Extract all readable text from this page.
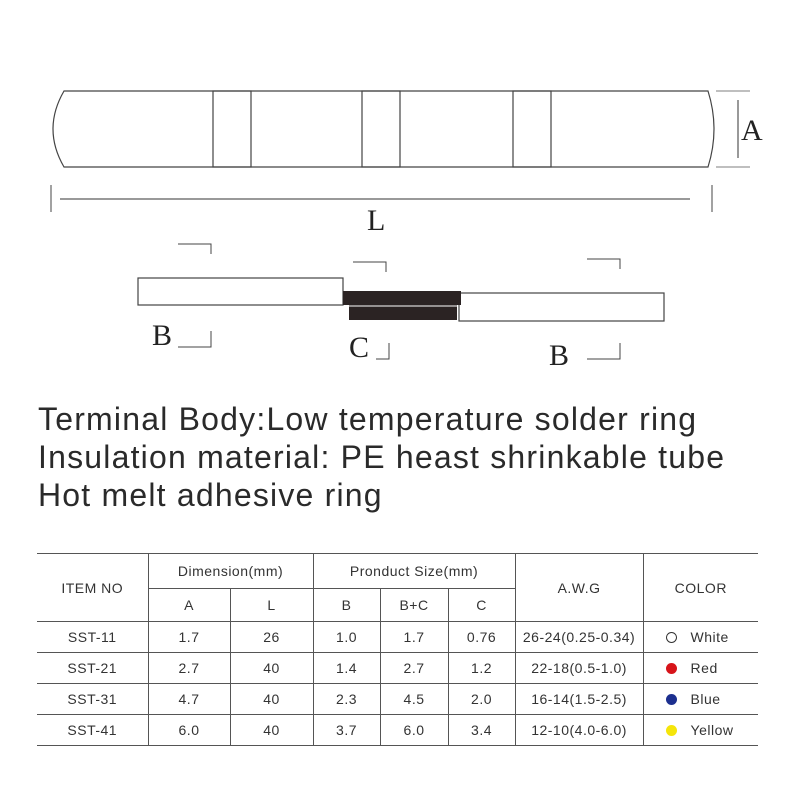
A
L
B	C	B
Terminal Body:Low temperature solder ring
Insulation material: PE heast shrinkable tube
Hot melt adhesive ring
ITEM NO	Dimension(mm)		Pronduct Size(mm)			A.W.G	COLOR
	A	L	B	B+C	C		
SST-11	1.7	26	1.0	1.7	0.76	26-24(0.25-0.34)	White
SST-21	2.7	40	1.4	2.7	1.2	22-18(0.5-1.0)	Red
SST-31	4.7	40	2.3	4.5	2.0	16-14(1.5-2.5)	Blue
SST-41	6.0	40	3.7	6.0	3.4	12-10(4.0-6.0)	Yellow
